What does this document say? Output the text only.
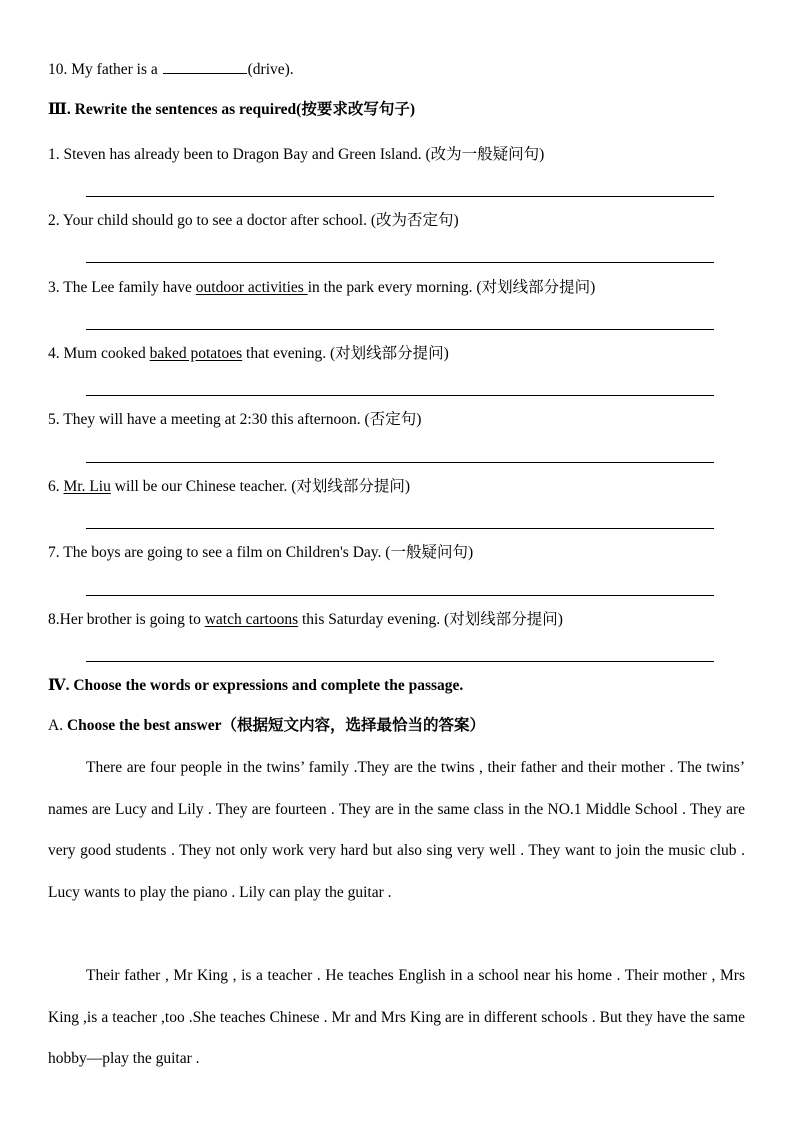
10. My father is a	(drive).
Ⅲ. Rewrite the sentences as required(按要求改写句子)
1. Steven has already been to Dragon Bay and Green Island. (改为一般疑问句)
2. Your child should go to see a doctor after school. (改为否定句)
3. The Lee family have outdoor activities in the park every morning. (对划线部分提问)
4. Mum cooked baked potatoes that evening. (对划线部分提问)
5. They will have a meeting at 2:30 this afternoon. (否定句)
6. Mr. Liu will be our Chinese teacher. (对划线部分提问)
7. The boys are going to see a film on Children's Day. (一般疑问句)
8.Her brother is going to watch cartoons this Saturday evening. (对划线部分提问)
Ⅳ. Choose the words or expressions and complete the passage.
A. Choose the best answer（根据短文内容，选择最恰当的答案）
There are four people in the twins’ family .They are the twins , their father and their mother . The twins’ names are Lucy and Lily . They are fourteen . They are in the same class in the NO.1 Middle School . They are very good students . They not only work very hard but also sing very well . They want to join the music club . Lucy wants to play the piano . Lily can play the guitar .
Their father , Mr King , is a teacher . He teaches English in a school near his home . Their mother , Mrs King ,is a teacher ,too .She teaches Chinese . Mr and Mrs King are in different schools . But they have the same hobby—play the guitar .
